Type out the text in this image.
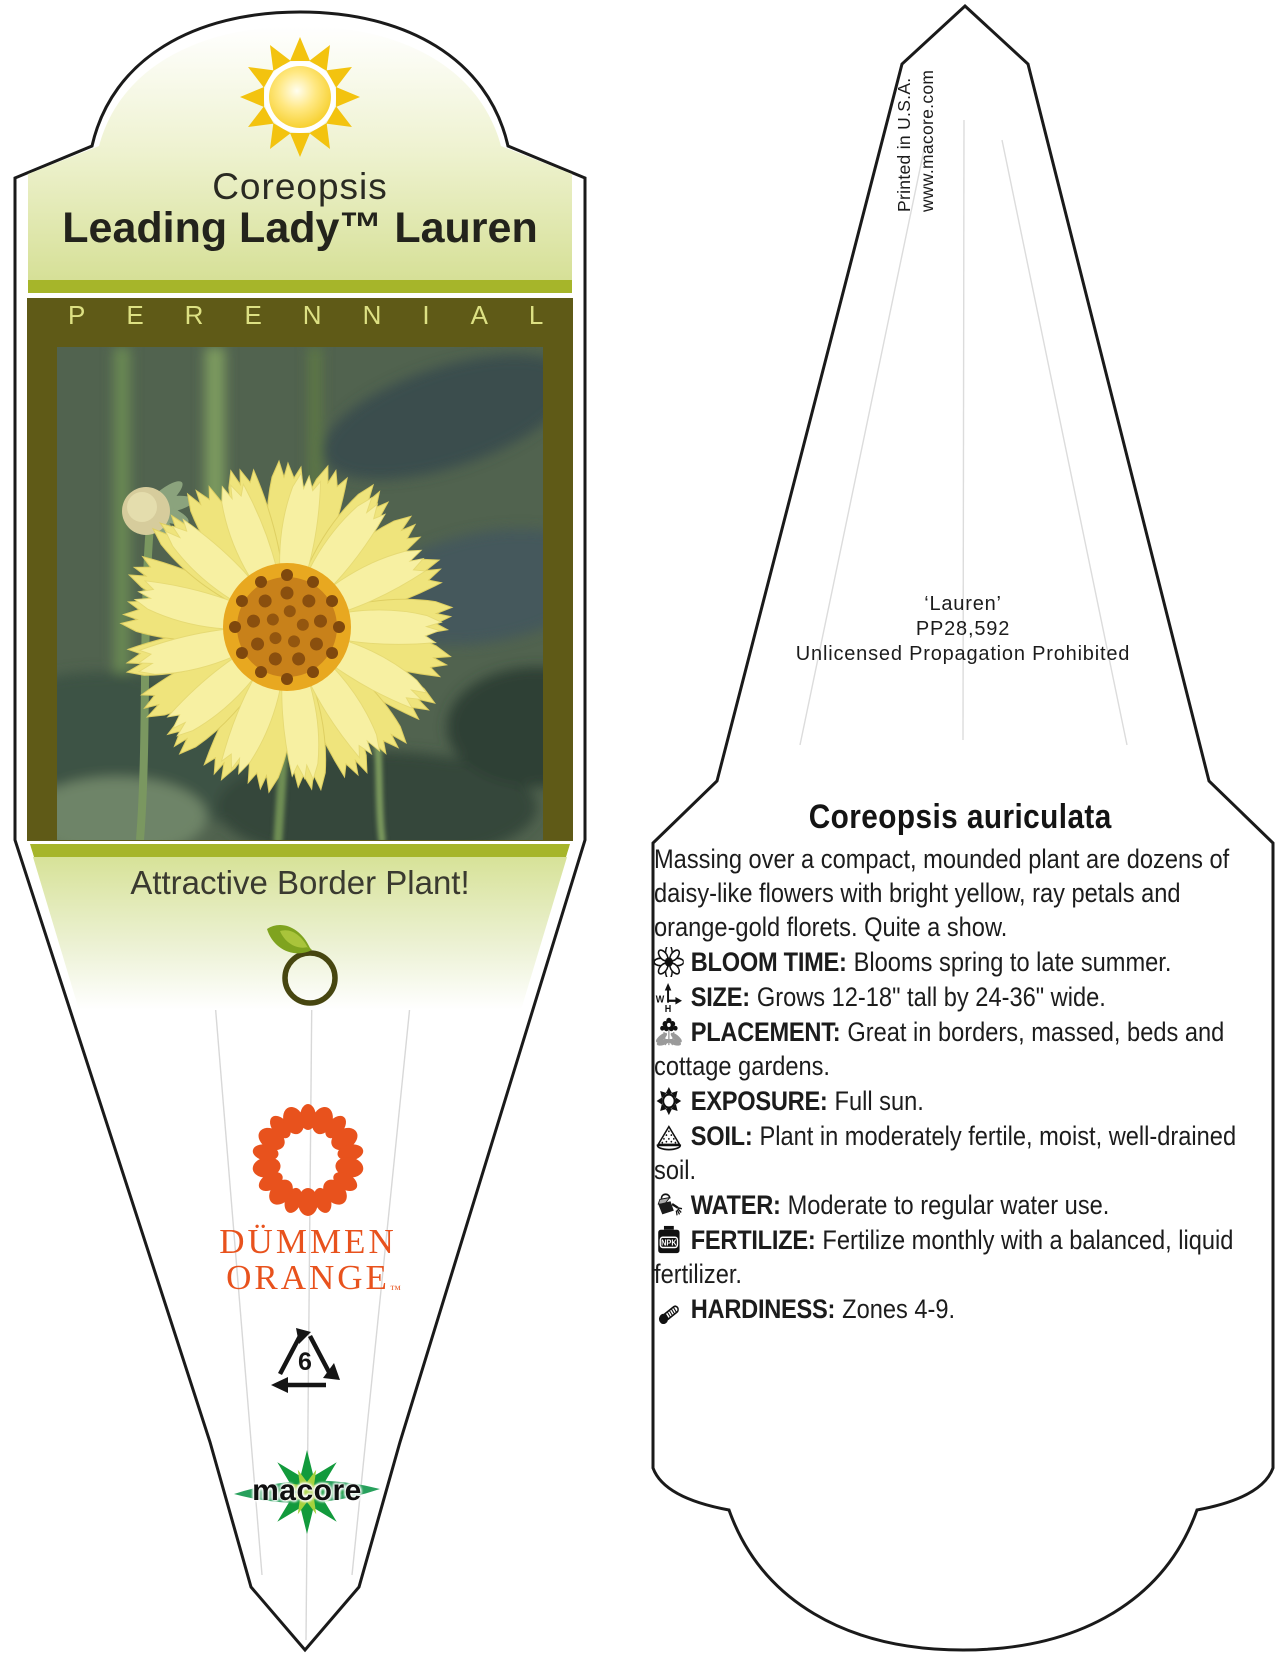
Coreopsis
Leading Lady™ Lauren
PERENNIAL
Attractive Border Plant!
DÜMMEN
ORANGE ™
6
macore
Printed in U.S.A. www.macore.com
‘Lauren’
PP28,592
Unlicensed Propagation Prohibited
Coreopsis auriculata

Massing over a compact, mounded plant are dozens of daisy-like flowers with bright yellow, ray petals and orange-gold florets. Quite a show.

BLOOM TIME: Blooms spring to late summer.

W
H SIZE: Grows 12-18" tall by 24-36" wide.

PLACEMENT: Great in borders, massed, beds and cottage gardens.

EXPOSURE: Full sun.

SOIL: Plant in moderately fertile, moist, well-drained soil.

WATER: Moderate to regular water use.

NPK FERTILIZE: Fertilize monthly with a balanced, liquid fertilizer.

HARDINESS: Zones 4-9.
